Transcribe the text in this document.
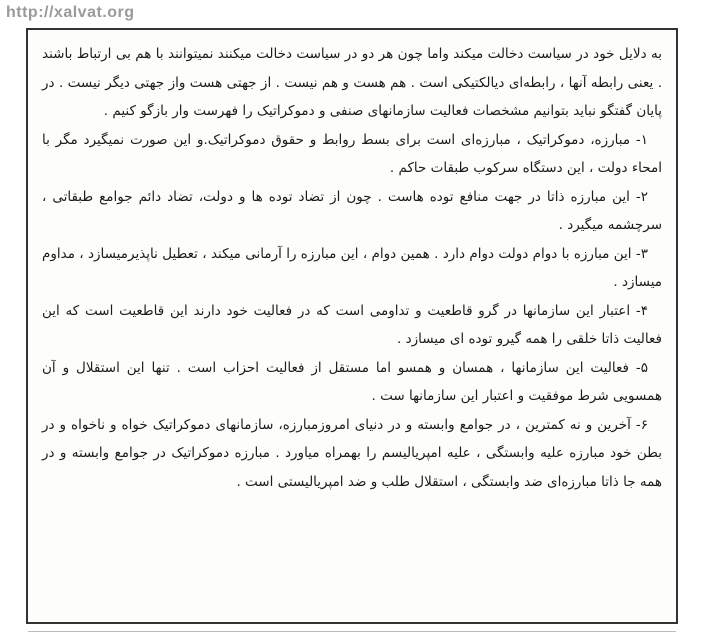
http://xalvat.org

به دلایل خود در سیاست دخالت میکند واما چون هر دو در سیاست دخالت میکنند نمیتوانند با هم بی ارتباط باشند . یعنی رابطه آنها ، رابطه‌ای دیالکتیکی است . هم هست و هم نیست . از جهتی هست واز جهتی دیگر نیست . در پایان گفتگو نباید بتوانیم مشخصات فعالیت سازمانهای صنفی و دموکراتیک را فهرست وار بازگو کنیم .

۱- مبارزه، دموکراتیک ، مبارزه‌ای است برای بسط روابط و حقوق دموکراتیک.و این صورت نمیگیرد مگر با امحاء دولت ، این دستگاه سرکوب طبقات حاکم .

۲- این مبارزه ذاتا در جهت منافع توده هاست . چون از تضاد توده ها و دولت، تضاد دائم جوامع طبقاتی ، سرچشمه میگیرد .

۳- این مبارزه با دوام دولت دوام دارد . همین دوام ، این مبارزه را آرمانی میکند ، تعطیل ناپذیرمیسازد ، مداوم میسازد .

۴- اعتبار این سازمانها در گرو قاطعیت و تداومی است که در فعالیت خود دارند این قاطعیت است که این فعالیت ذاتا خلقی را همه گیرو توده ای میسازد .

۵- فعالیت این سازمانها ، همسان و همسو اما مستقل از فعالیت احزاب است . تنها این استقلال و آن همسویی شرط موفقیت و اعتبار این سازمانها ست .

۶- آخرین و نه کمترین ، در جوامع وابسته و در دنیای امروزمبارزه، سازمانهای دموکراتیک خواه و ناخواه و در بطن خود مبارزه علیه وابستگی ، علیه امپریالیسم را بهمراه میاورد . مبارزه دموکراتیک در جوامع وابسته و در همه جا ذاتا مبارزه‌ای ضد وابستگی ، استقلال طلب و ضد امپریالیستی است .
